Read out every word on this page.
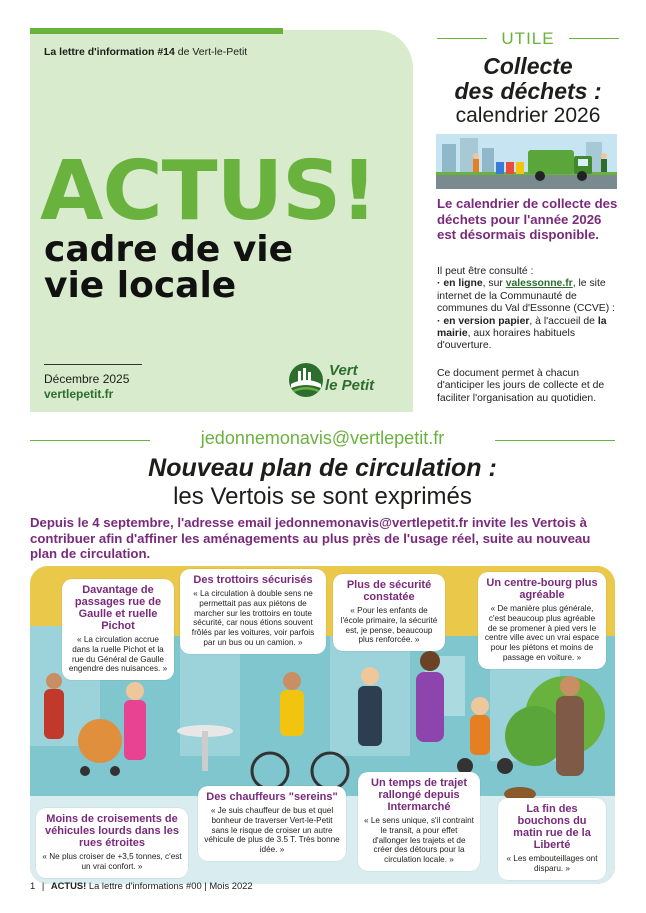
La lettre d'information #14 de Vert-le-Petit
ACTUS!
cadre de vie
vie locale
Décembre 2025
vertlepetit.fr
Vert
le Petit
UTILE
Collecte
des déchets :
calendrier 2026
Le calendrier de collecte des déchets pour l'année 2026 est désormais disponible.
Il peut être consulté :
· en ligne, sur valessonne.fr, le site internet de la Communauté de communes du Val d'Essonne (CCVE) :
· en version papier, à l'accueil de la mairie, aux horaires habituels d'ouverture.
Ce document permet à chacun d'anticiper les jours de collecte et de faciliter l'organisation au quotidien.
jedonnemonavis@vertlepetit.fr
Nouveau plan de circulation :
les Vertois se sont exprimés
Depuis le 4 septembre, l'adresse email jedonnemonavis@vertlepetit.fr invite les Vertois à contribuer afin d'affiner les aménagements au plus près de l'usage réel, suite au nouveau plan de circulation.
Davantage de passages rue de Gaulle et ruelle Pichot
« La circulation accrue dans la ruelle Pichot et la rue du Général de Gaulle engendre des nuisances. »
Des trottoirs sécurisés
« La circulation à double sens ne permettait pas aux piétons de marcher sur les trottoirs en toute sécurité, car nous étions souvent frôlés par les voitures, voir parfois par un bus ou un camion. »
Plus de sécurité constatée
« Pour les enfants de l'école primaire, la sécurité est, je pense, beaucoup plus renforcée. »
Un centre-bourg plus agréable
« De manière plus générale, c'est beaucoup plus agréable de se promener à pied vers le centre ville avec un vrai espace pour les piétons et moins de passage en voiture. »
Moins de croisements de véhicules lourds dans les rues étroites
« Ne plus croiser de +3,5 tonnes, c'est un vrai confort. »
Des chauffeurs "sereins"
« Je suis chauffeur de bus et quel bonheur de traverser Vert-le-Petit sans le risque de croiser un autre véhicule de plus de 3.5 T. Très bonne idée. »
Un temps de trajet rallongé depuis Intermarché
« Le sens unique, s'il contraint le transit, a pour effet d'allonger les trajets et de créer des détours pour la circulation locale. »
La fin des bouchons du matin rue de la Liberté
« Les embouteillages ont disparu. »
1 | ACTUS! La lettre d'informations #00 | Mois 2022
